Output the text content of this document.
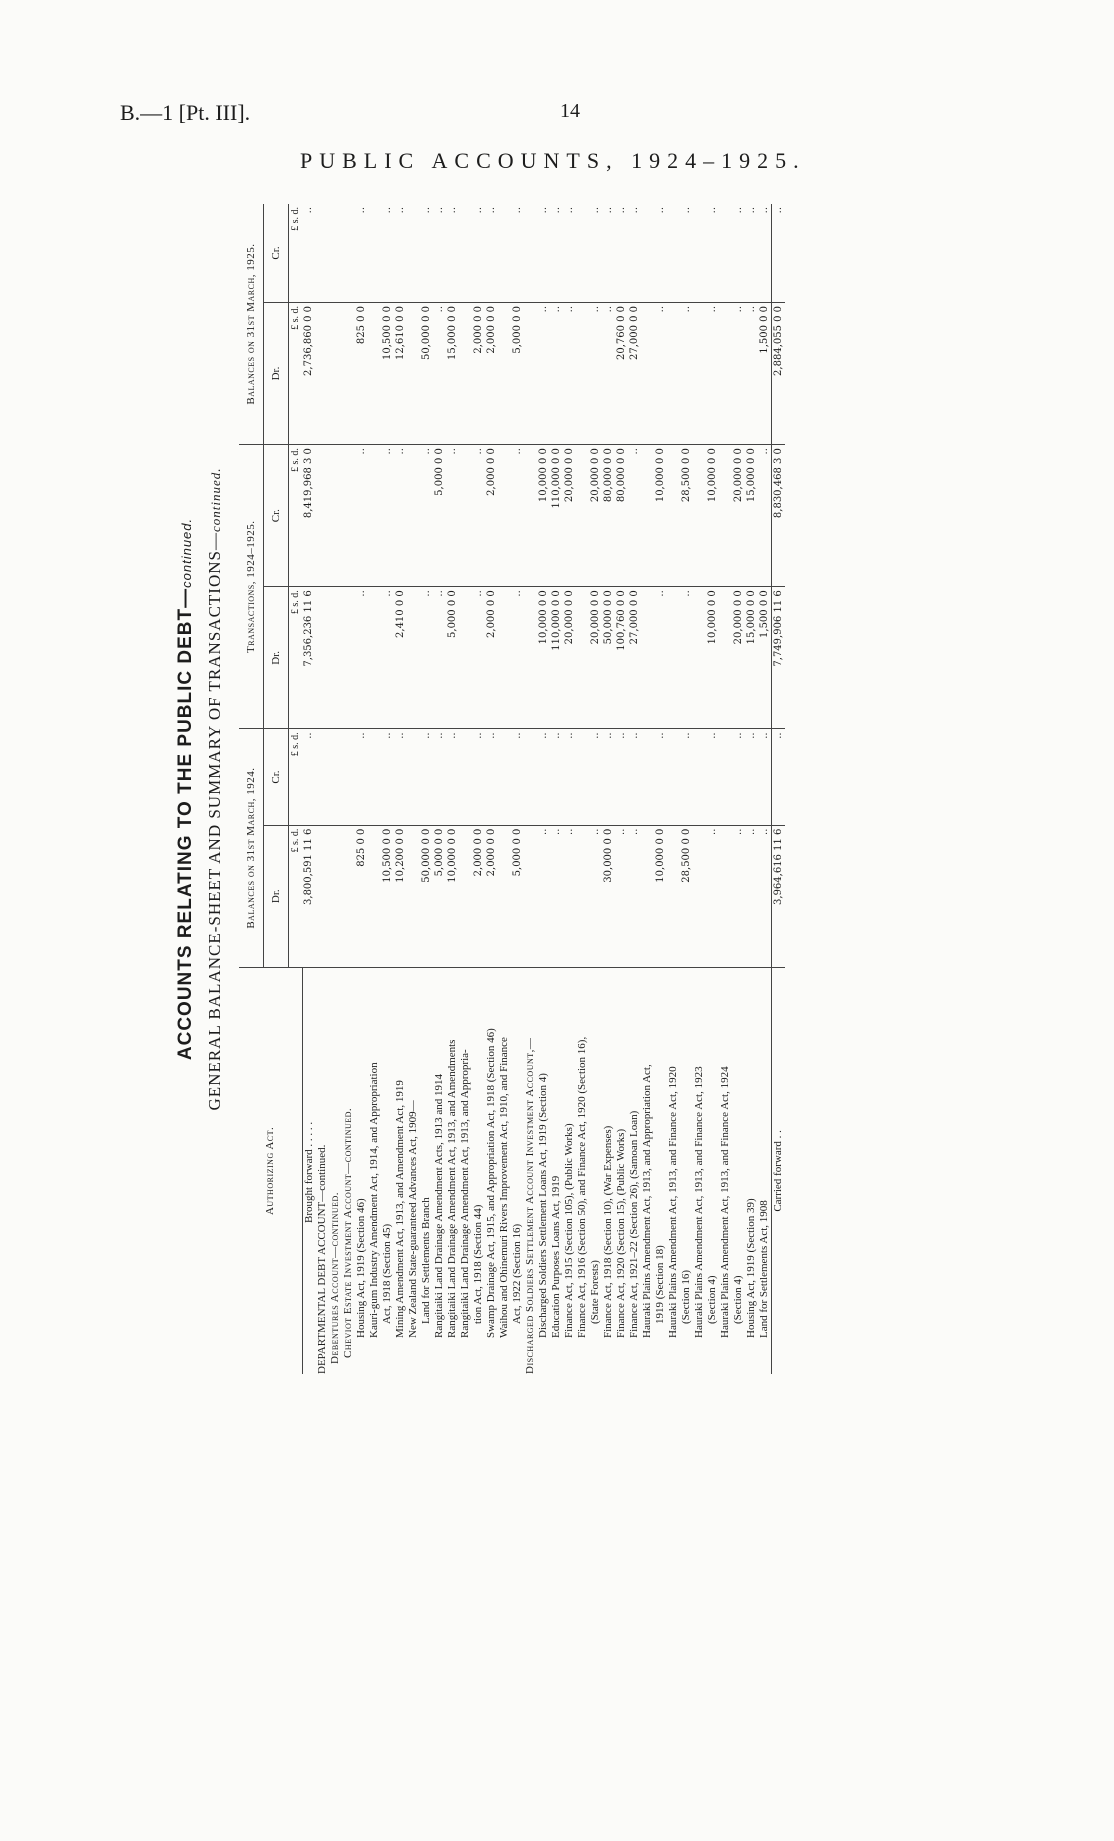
B.—1 [Pt. III].	14
PUBLIC ACCOUNTS, 1924–1925.
ACCOUNTS RELATING TO THE PUBLIC DEBT—continued. GENERAL BALANCE-SHEET AND SUMMARY OF TRANSACTIONS—continued.
Authorizing Act.	Balances on 31st March, 1924.		Transactions, 1924–1925.		Balances on 31st March, 1925.	
	Dr.	Cr.	Dr.	Cr.	Dr.	Cr.
	£ s. d.	£ s. d.	£ s. d.	£ s. d.	£ s. d.	£ s. d.
Brought forward . . . . .	3,800,591 11 6	..	7,356,236 11 6	8,419,968 3 0	2,736,860 0 0	..
DEPARTMENTAL DEBT ACCOUNT—continued.						
Debentures Account—continued.						
Cheviot Estate Investment Account—continued.						
Housing Act, 1919 (Section 46)	825 0 0	..	..	..	825 0 0	..
Kauri-gum Industry Amendment Act, 1914, and Appropriation						
Act, 1918 (Section 45)	10,500 0 0	..	..	..	10,500 0 0	..
Mining Amendment Act, 1913, and Amendment Act, 1919	10,200 0 0	..	2,410 0 0	..	12,610 0 0	..
New Zealand State-guaranteed Advances Act, 1909—						
Land for Settlements Branch	50,000 0 0	..	..	..	50,000 0 0	..
Rangitaiki Land Drainage Amendment Acts, 1913 and 1914	5,000 0 0	..	..	5,000 0 0	..	..
Rangitaiki Land Drainage Amendment Act, 1913, and Amendments	10,000 0 0	..	5,000 0 0	..	15,000 0 0	..
Rangitaiki Land Drainage Amendment Act, 1913, and Appropria-						
tion Act, 1918 (Section 44)	2,000 0 0	..	..	..	2,000 0 0	..
Swamp Drainage Act, 1915, and Appropriation Act, 1918 (Section 46)	2,000 0 0	..	2,000 0 0	2,000 0 0	2,000 0 0	..
Waihou and Ohinemuri Rivers Improvement Act, 1910, and Finance						
Act, 1922 (Section 16)	5,000 0 0	..	..	..	5,000 0 0	..
Discharged Soldiers Settlement Account Investment Account,—						
Discharged Soldiers Settlement Loans Act, 1919 (Section 4)	..	..	10,000 0 0	10,000 0 0	..	..
Education Purposes Loans Act, 1919	..	..	110,000 0 0	110,000 0 0	..	..
Finance Act, 1915 (Section 105), (Public Works)	..	..	20,000 0 0	20,000 0 0	..	..
Finance Act, 1916 (Section 50), and Finance Act, 1920 (Section 16),						
(State Forests)	..	..	20,000 0 0	20,000 0 0	..	..
Finance Act, 1918 (Section 10), (War Expenses)	30,000 0 0	..	50,000 0 0	80,000 0 0	..	..
Finance Act, 1920 (Section 15), (Public Works)	..	..	100,760 0 0	80,000 0 0	20,760 0 0	..
Finance Act, 1921–22 (Section 26), (Samoan Loan)	..	..	27,000 0 0	..	27,000 0 0	..
Hauraki Plains Amendment Act, 1913, and Appropriation Act,						
1919 (Section 18)	10,000 0 0	..	..	10,000 0 0	..	..
Hauraki Plains Amendment Act, 1913, and Finance Act, 1920						
(Section 16)	28,500 0 0	..	..	28,500 0 0	..	..
Hauraki Plains Amendment Act, 1913, and Finance Act, 1923						
(Section 4)	..	..	10,000 0 0	10,000 0 0	..	..
Hauraki Plains Amendment Act, 1913, and Finance Act, 1924						
(Section 4)	..	..	20,000 0 0	20,000 0 0	..	..
Housing Act, 1919 (Section 39)	..	..	15,000 0 0	15,000 0 0	..	..
Land for Settlements Act, 1908	..	..	1,500 0 0	..	1,500 0 0	..
Carried forward . .	3,964,616 11 6	..	7,749,906 11 6	8,830,468 3 0	2,884,055 0 0	..
